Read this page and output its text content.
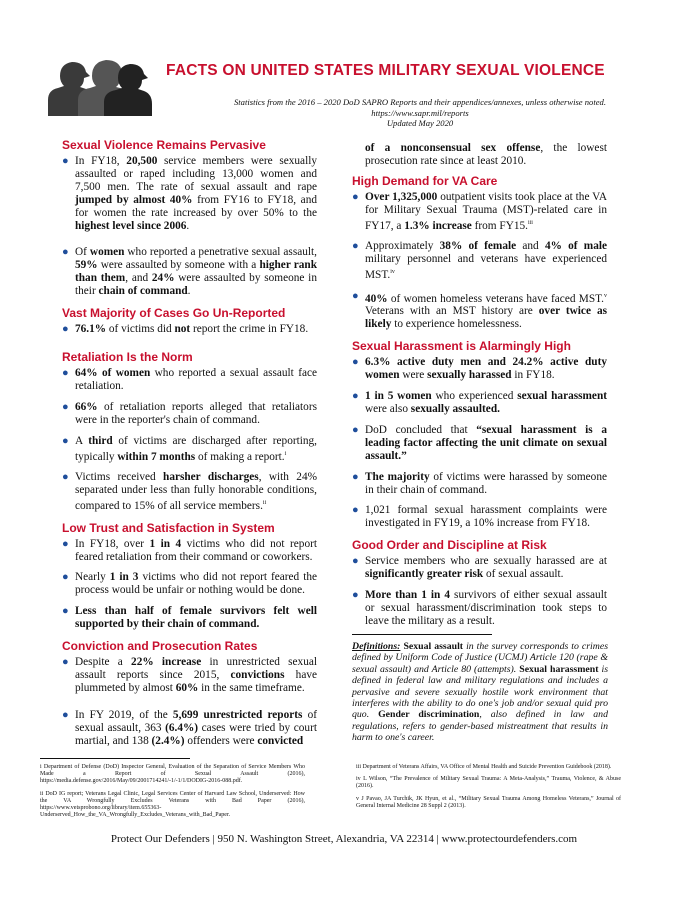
FACTS ON UNITED STATES MILITARY SEXUAL VIOLENCE
Statistics from the 2016 – 2020 DoD SAPRO Reports and their appendices/annexes, unless otherwise noted.
https://www.sapr.mil/reports
Updated May 2020
Sexual Violence Remains Pervasive
● In FY18, 20,500 service members were sexually assaulted or raped including 13,000 women and 7,500 men. The rate of sexual assault and rape jumped by almost 40% from FY16 to FY18, and for women the rate increased by over 50% to the highest level since 2006.
● Of women who reported a penetrative sexual assault, 59% were assaulted by someone with a higher rank than them, and 24% were assaulted by someone in their chain of command.
Vast Majority of Cases Go Un-Reported
● 76.1% of victims did not report the crime in FY18.
Retaliation Is the Norm
● 64% of women who reported a sexual assault face retaliation.
● 66% of retaliation reports alleged that retaliators were in the reporter's chain of command.
● A third of victims are discharged after reporting, typically within 7 months of making a report.$^i$
● Victims received harsher discharges, with 24% separated under less than fully honorable conditions, compared to 15% of all service members.$^{ii}$
Low Trust and Satisfaction in System
● In FY18, over 1 in 4 victims who did not report feared retaliation from their command or coworkers.
● Nearly 1 in 3 victims who did not report feared the process would be unfair or nothing would be done.
● Less than half of female survivors felt well supported by their chain of command.
Conviction and Prosecution Rates
● Despite a 22% increase in unrestricted sexual assault reports since 2015, convictions have plummeted by almost 60% in the same timeframe.
● In FY 2019, of the 5,699 unrestricted reports of sexual assault, 363 (6.4%) cases were tried by court martial, and 138 (2.4%) offenders were convicted

of a nonconsensual sex offense, the lowest prosecution rate since at least 2010.

High Demand for VA Care
● Over 1,325,000 outpatient visits took place at the VA for Military Sexual Trauma (MST)-related care in FY17, a 1.3% increase from FY15.$^{iii}$
● Approximately 38% of female and 4% of male military personnel and veterans have experienced MST.$^{iv}$
● 40% of women homeless veterans have faced MST.$^v$ Veterans with an MST history are over twice as likely to experience homelessness.
Sexual Harassment is Alarmingly High
● 6.3% active duty men and 24.2% active duty women were sexually harassed in FY18.
● 1 in 5 women who experienced sexual harassment were also sexually assaulted.
● DoD concluded that “sexual harassment is a leading factor affecting the unit climate on sexual assault.”
● The majority of victims were harassed by someone in their chain of command.
● 1,021 formal sexual harassment complaints were investigated in FY19, a 10% increase from FY18.
Good Order and Discipline at Risk
● Service members who are sexually harassed are at significantly greater risk of sexual assault.
● More than 1 in 4 survivors of either sexual assault or sexual harassment/discrimination took steps to leave the military as a result.

Definitions: Sexual assault in the survey corresponds to crimes defined by Uniform Code of Justice (UCMJ) Article 120 (rape & sexual assault) and Article 80 (attempts). Sexual harassment is defined in federal law and military regulations and includes a pervasive and severe sexually hostile work environment that interferes with the ability to do one's job and/or sexual quid pro quo. Gender discrimination, also defined in law and regulations, refers to gender-based mistreatment that results in harm to one's career.

i Department of Defense (DoD) Inspector General, Evaluation of the Separation of Service Members Who Made a Report of Sexual Assault (2016), https://media.defense.gov/2016/May/09/2001714241/-1/-1/1/DODIG-2016-088.pdf.

ii DoD IG report; Veterans Legal Clinic, Legal Services Center of Harvard Law School, Underserved: How the VA Wrongfully Excludes Veterans with Bad Paper (2016), https://www.vetsprobono.org/library/item.655363-Underserved_How_the_VA_Wrongfully_Excludes_Veterans_with_Bad_Paper.

iii Department of Veterans Affairs, VA Office of Mental Health and Suicide Prevention Guidebook (2018).

iv L Wilson, “The Prevalence of Military Sexual Trauma: A Meta-Analysis,” Trauma, Violence, & Abuse (2016).

v J Pavao, JA Turchik, JK Hyun, et al., “Military Sexual Trauma Among Homeless Veterans,” Journal of General Internal Medicine 28 Suppl 2 (2013).

Protect Our Defenders | 950 N. Washington Street, Alexandria, VA 22314 | www.protectourdefenders.com
